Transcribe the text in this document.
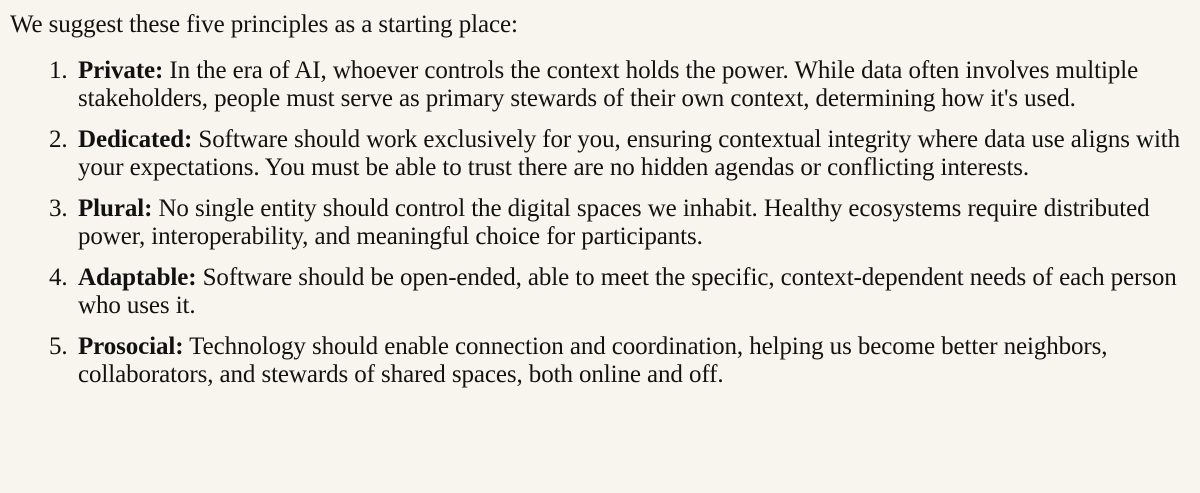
We suggest these five principles as a starting place:

1. Private: In the era of AI, whoever controls the context holds the power. While data often involves multiple stakeholders, people must serve as primary stewards of their own context, determining how it's used.
2. Dedicated: Software should work exclusively for you, ensuring contextual integrity where data use aligns with your expectations. You must be able to trust there are no hidden agendas or conflicting interests.
3. Plural: No single entity should control the digital spaces we inhabit. Healthy ecosystems require distributed power, interoperability, and meaningful choice for participants.
4. Adaptable: Software should be open-ended, able to meet the specific, context-dependent needs of each person who uses it.
5. Prosocial: Technology should enable connection and coordination, helping us become better neighbors, collaborators, and stewards of shared spaces, both online and off.
